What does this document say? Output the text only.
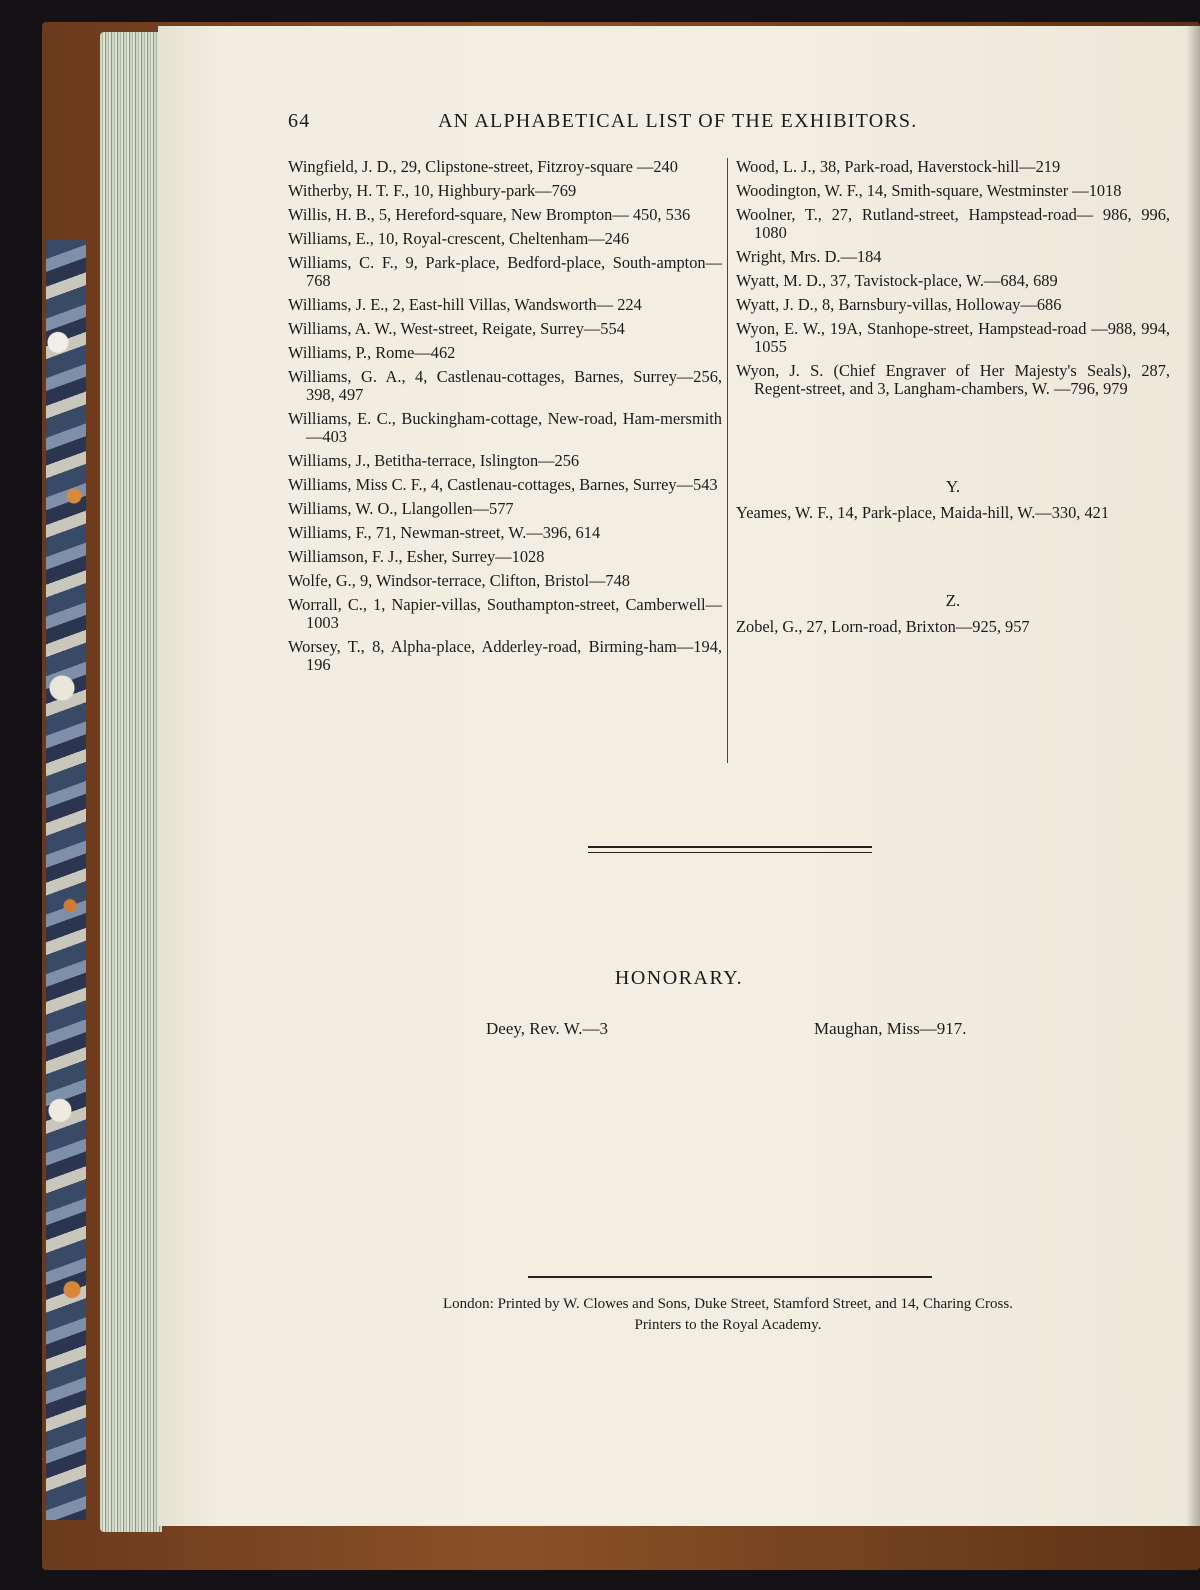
64	AN ALPHABETICAL LIST OF THE EXHIBITORS.
Wingfield, J. D., 29, Clipstone-street, Fitzroy-square —240
Witherby, H. T. F., 10, Highbury-park—769
Willis, H. B., 5, Hereford-square, New Brompton— 450, 536
Williams, E., 10, Royal-crescent, Cheltenham—246
Williams, C. F., 9, Park-place, Bedford-place, South-ampton—768
Williams, J. E., 2, East-hill Villas, Wandsworth— 224
Williams, A. W., West-street, Reigate, Surrey—554
Williams, P., Rome—462
Williams, G. A., 4, Castlenau-cottages, Barnes, Surrey—256, 398, 497
Williams, E. C., Buckingham-cottage, New-road, Ham-mersmith—403
Williams, J., Betitha-terrace, Islington—256
Williams, Miss C. F., 4, Castlenau-cottages, Barnes, Surrey—543
Williams, W. O., Llangollen—577
Williams, F., 71, Newman-street, W.—396, 614
Williamson, F. J., Esher, Surrey—1028
Wolfe, G., 9, Windsor-terrace, Clifton, Bristol—748
Worrall, C., 1, Napier-villas, Southampton-street, Camberwell—1003
Worsey, T., 8, Alpha-place, Adderley-road, Birming-ham—194, 196
Wood, L. J., 38, Park-road, Haverstock-hill—219
Woodington, W. F., 14, Smith-square, Westminster —1018
Woolner, T., 27, Rutland-street, Hampstead-road— 986, 996, 1080
Wright, Mrs. D.—184
Wyatt, M. D., 37, Tavistock-place, W.—684, 689
Wyatt, J. D., 8, Barnsbury-villas, Holloway—686
Wyon, E. W., 19A, Stanhope-street, Hampstead-road —988, 994, 1055
Wyon, J. S. (Chief Engraver of Her Majesty's Seals), 287, Regent-street, and 3, Langham-chambers, W. —796, 979
Y.
Yeames, W. F., 14, Park-place, Maida-hill, W.—330, 421
Z.
Zobel, G., 27, Lorn-road, Brixton—925, 957
HONORARY.
Deey, Rev. W.—3	Maughan, Miss—917.
London: Printed by W. Clowes and Sons, Duke Street, Stamford Street, and 14, Charing Cross.
Printers to the Royal Academy.
